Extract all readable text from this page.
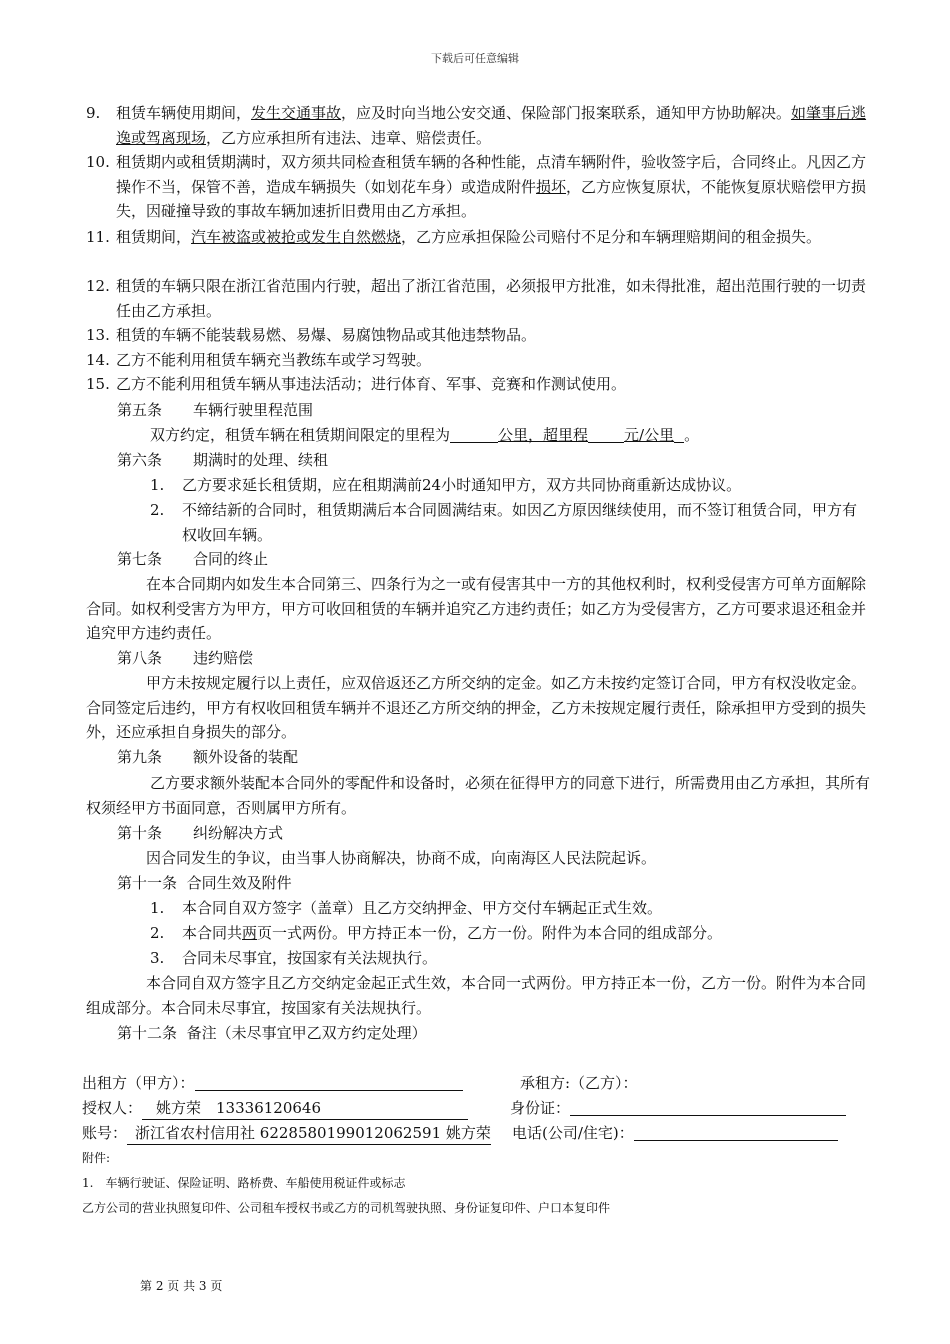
下载后可任意编辑
9. 租赁车辆使用期间，发生交通事故，应及时向当地公安交通、保险部门报案联系，通知甲方协助解决。如肇事后逃逸或驾离现场，乙方应承担所有违法、违章、赔偿责任。
10. 租赁期内或租赁期满时，双方须共同检查租赁车辆的各种性能，点清车辆附件，验收签字后，合同终止。凡因乙方操作不当，保管不善，造成车辆损失（如划花车身）或造成附件损坏，乙方应恢复原状，不能恢复原状赔偿甲方损失，因碰撞导致的事故车辆加速折旧费用由乙方承担。
11. 租赁期间，汽车被盗或被抢或发生自然燃烧，乙方应承担保险公司赔付不足分和车辆理赔期间的租金损失。
12. 租赁的车辆只限在浙江省范围内行驶，超出了浙江省范围，必须报甲方批准，如未得批准，超出范围行驶的一切责任由乙方承担。
13. 租赁的车辆不能装载易燃、易爆、易腐蚀物品或其他违禁物品。
14. 乙方不能利用租赁车辆充当教练车或学习驾驶。
15. 乙方不能利用租赁车辆从事违法活动；进行体育、军事、竞赛和作测试使用。
第五条 车辆行驶里程范围
双方约定，租赁车辆在租赁期间限定的里程为	公里，超里程 元/公里 。
第六条 期满时的处理、续租
1. 乙方要求延长租赁期，应在租期满前24小时通知甲方，双方共同协商重新达成协议。
2. 不缔结新的合同时，租赁期满后本合同圆满结束。如因乙方原因继续使用，而不签订租赁合同，甲方有权收回车辆。
第七条 合同的终止
在本合同期内如发生本合同第三、四条行为之一或有侵害其中一方的其他权利时，权利受侵害方可单方面解除合同。如权利受害方为甲方，甲方可收回租赁的车辆并追究乙方违约责任；如乙方为受侵害方，乙方可要求退还租金并追究甲方违约责任。
第八条 违约赔偿
甲方未按规定履行以上责任，应双倍返还乙方所交纳的定金。如乙方未按约定签订合同，甲方有权没收定金。合同签定后违约，甲方有权收回租赁车辆并不退还乙方所交纳的押金，乙方未按规定履行责任，除承担甲方受到的损失外，还应承担自身损失的部分。
第九条 额外设备的装配
乙方要求额外装配本合同外的零配件和设备时，必须在征得甲方的同意下进行，所需费用由乙方承担，其所有权须经甲方书面同意，否则属甲方所有。
第十条 纠纷解决方式
因合同发生的争议，由当事人协商解决，协商不成，向南海区人民法院起诉。
第十一条 合同生效及附件
1. 本合同自双方签字（盖章）且乙方交纳押金、甲方交付车辆起正式生效。
2. 本合同共两页一式两份。甲方持正本一份，乙方一份。附件为本合同的组成部分。
3. 合同未尽事宜，按国家有关法规执行。
本合同自双方签字且乙方交纳定金起正式生效，本合同一式两份。甲方持正本一份，乙方一份。附件为本合同组成部分。本合同未尽事宜，按国家有关法规执行。
第十二条 备注（未尽事宜甲乙双方约定处理）
出租方（甲方）：	承租方:（乙方）：
授权人： 姚方荣　13336120646	身份证：
账号： 浙江省农村信用社 6228580199012062591 姚方荣 电话(公司/住宅)：
附件:
1.　车辆行驶证、保险证明、路桥费、车船使用税证件或标志
乙方公司的营业执照复印件、公司租车授权书或乙方的司机驾驶执照、身份证复印件、户口本复印件
第 2 页 共 3 页
